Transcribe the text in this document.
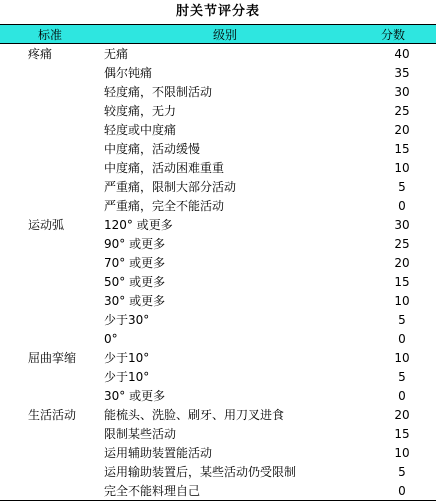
肘关节评分表
标准	级别	分数
疼痛	无痛	40
	偶尔钝痛	35
	轻度痛，不限制活动	30
	较度痛，无力	25
	轻度或中度痛	20
	中度痛，活动缓慢	15
	中度痛，活动困难重重	10
	严重痛，限制大部分活动	5
	严重痛，完全不能活动	0
运动弧	120° 或更多	30
	90° 或更多	25
	70° 或更多	20
	50° 或更多	15
	30° 或更多	10
	少于30°	5
	0°	0
屈曲挛缩	少于10°	10
	少于10°	5
	30° 或更多	0
生活活动	能梳头、洗脸、刷牙、用刀叉进食	20
	限制某些活动	15
	运用辅助装置能活动	10
	运用输助装置后，某些活动仍受限制	5
	完全不能料理自己	0
